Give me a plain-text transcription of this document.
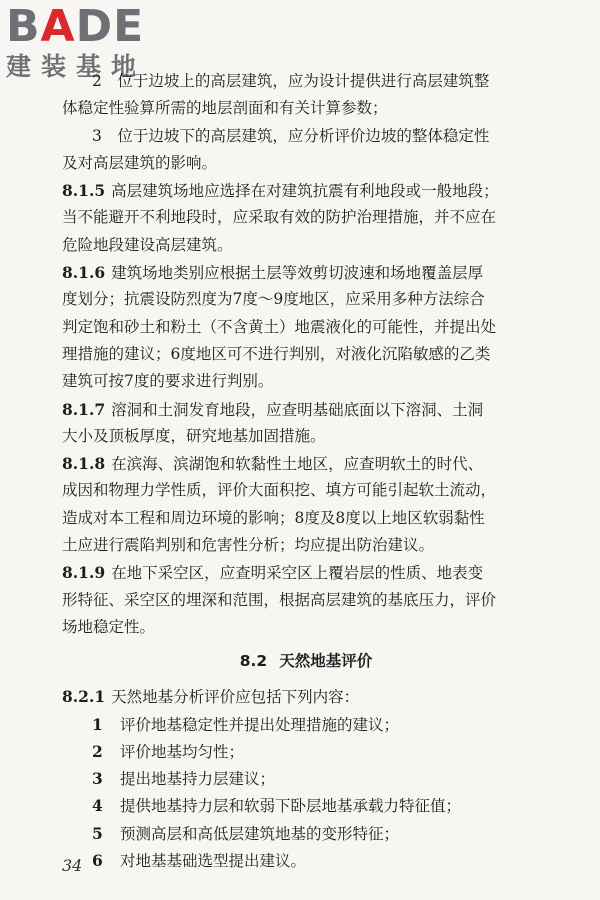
BADE
建装基地
2　位于边坡上的高层建筑，应为设计提供进行高层建筑整
体稳定性验算所需的地层剖面和有关计算参数；
3　位于边坡下的高层建筑，应分析评价边坡的整体稳定性
及对高层建筑的影响。
8.1.5 高层建筑场地应选择在对建筑抗震有利地段或一般地段；
当不能避开不利地段时，应采取有效的防护治理措施，并不应在
危险地段建设高层建筑。
8.1.6 建筑场地类别应根据土层等效剪切波速和场地覆盖层厚
度划分；抗震设防烈度为7度～9度地区，应采用多种方法综合
判定饱和砂土和粉土（不含黄土）地震液化的可能性，并提出处
理措施的建议；6度地区可不进行判别，对液化沉陷敏感的乙类
建筑可按7度的要求进行判别。
8.1.7 溶洞和土洞发育地段，应查明基础底面以下溶洞、土洞
大小及顶板厚度，研究地基加固措施。
8.1.8 在滨海、滨湖饱和软黏性土地区，应查明软土的时代、
成因和物理力学性质，评价大面积挖、填方可能引起软土流动，
造成对本工程和周边环境的影响；8度及8度以上地区软弱黏性
土应进行震陷判别和危害性分析；均应提出防治建议。
8.1.9 在地下采空区，应查明采空区上覆岩层的性质、地表变
形特征、采空区的埋深和范围，根据高层建筑的基底压力，评价
场地稳定性。
8.2 天然地基评价
8.2.1 天然地基分析评价应包括下列内容：
1 评价地基稳定性并提出处理措施的建议；
2 评价地基均匀性；
3 提出地基持力层建议；
4 提供地基持力层和软弱下卧层地基承载力特征值；
5 预测高层和高低层建筑地基的变形特征；
6 对地基基础选型提出建议。
34
